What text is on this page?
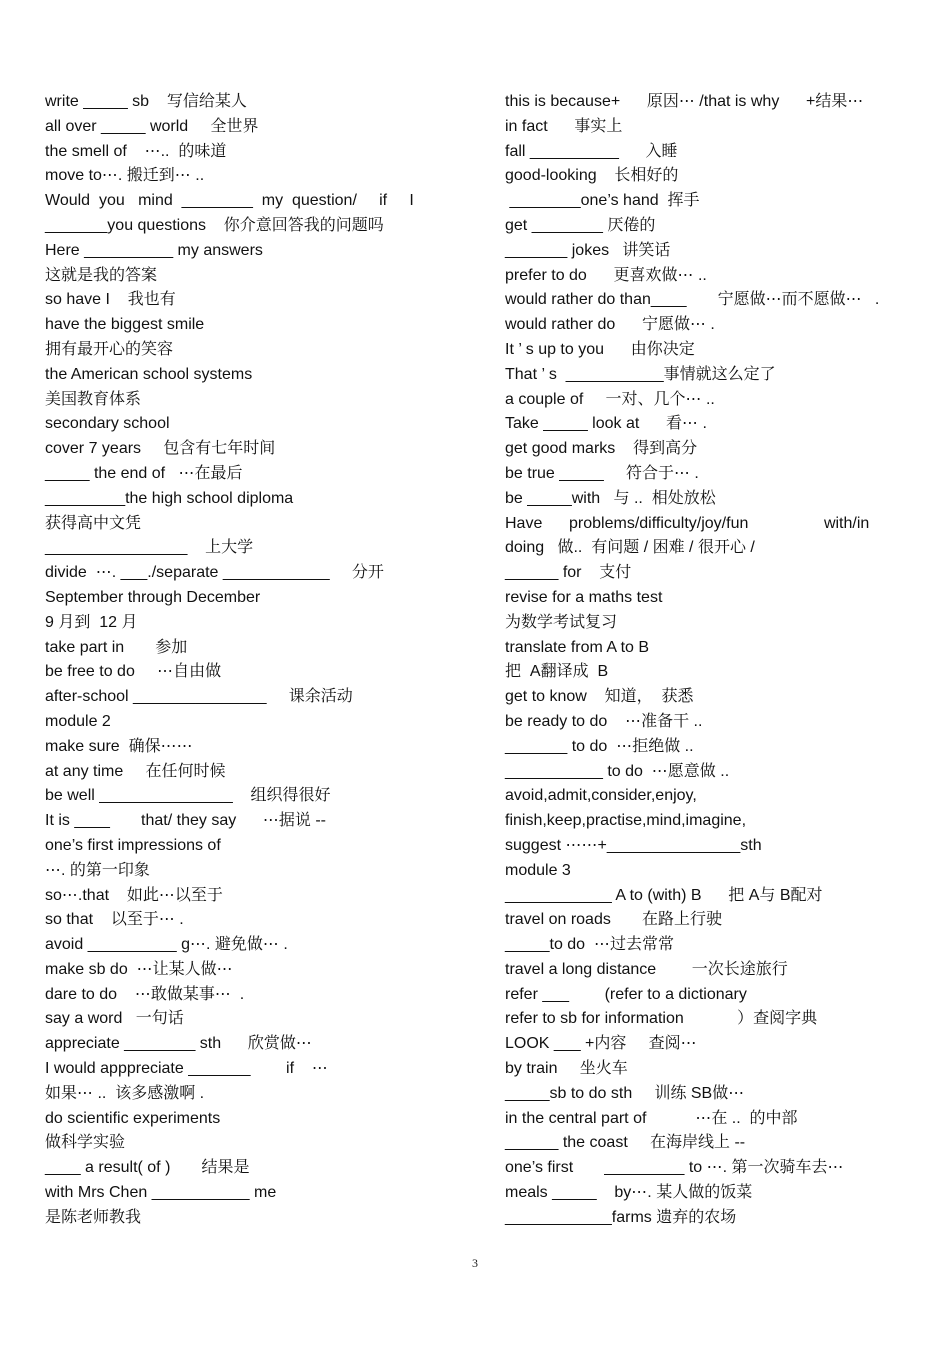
write _____ sb    写信给某人
all over _____ world     全世界
the smell of    ⋯..  的味道
move to⋯. 搬迁到⋯ ..
Would  you   mind  ________  my  question/     if     I
_______you questions    你介意回答我的问题吗
Here __________ my answers
这就是我的答案
so have I    我也有
have the biggest smile
拥有最开心的笑容
the American school systems
美国教育体系
secondary school
cover 7 years     包含有七年时间
_____ the end of   ⋯在最后
_________the high school diploma
获得高中文凭
________________    上大学
divide  ⋯. ___./separate ____________     分开
September through December
9 月到  12 月
take part in       参加
be free to do     ⋯自由做
after-school _______________     课余活动
module 2
make sure  确保⋯⋯
at any time     在任何时候
be well _______________    组织得很好
It is ____       that/ they say      ⋯据说 --
one’s first impressions of
⋯. 的第一印象
so⋯.that    如此⋯以至于
so that    以至于⋯ .
avoid __________ g⋯. 避免做⋯ .
make sb do  ⋯让某人做⋯
dare to do    ⋯敢做某事⋯  .
say a word   一句话
appreciate ________ sth      欣赏做⋯
I would apppreciate _______        if    ⋯
如果⋯ ..  该多感激啊 .
do scientific experiments
做科学实验
____ a result( of )       结果是
with Mrs Chen ___________ me
是陈老师教我
this is because+      原因⋯ /that is why      +结果⋯
in fact      事实上
fall __________      入睡
good-looking    长相好的
________one’s hand  挥手
get ________ 厌倦的
_______ jokes   讲笑话
prefer to do      更喜欢做⋯ ..
would rather do than____       宁愿做⋯而不愿做⋯   .
would rather do      宁愿做⋯ .
It ’ s up to you      由你决定
That ’ s  ___________事情就这么定了
a couple of     一对、几个⋯ ..
Take _____ look at      看⋯ .
get good marks    得到高分
be true _____     符合于⋯ .
be _____with   与 ..  相处放松
Have      problems/difficulty/joy/fun                 with/in
doing   做..  有问题 / 困难 / 很开心 /
______ for    支付
revise for a maths test
为数学考试复习
translate from A to B
把  A翻译成  B
get to know    知道，  获悉
be ready to do    ⋯准备干 ..
_______ to do  ⋯拒绝做 ..
___________ to do  ⋯愿意做 ..
avoid,admit,consider,enjoy,
finish,keep,practise,mind,imagine,
suggest ⋯⋯+_______________sth
module 3
____________ A to (with) B      把 A与 B配对
travel on roads       在路上行驶
_____to do  ⋯过去常常
travel a long distance        一次长途旅行
refer ___        (refer to a dictionary
refer to sb for information            ）查阅字典
LOOK ___ +内容     查阅⋯
by train     坐火车
_____sb to do sth     训练 SB做⋯
in the central part of           ⋯在 ..  的中部
______ the coast     在海岸线上 --
one’s first       _________ to ⋯. 第一次骑车去⋯
meals _____    by⋯. 某人做的饭菜
____________farms 遗弃的农场
3
